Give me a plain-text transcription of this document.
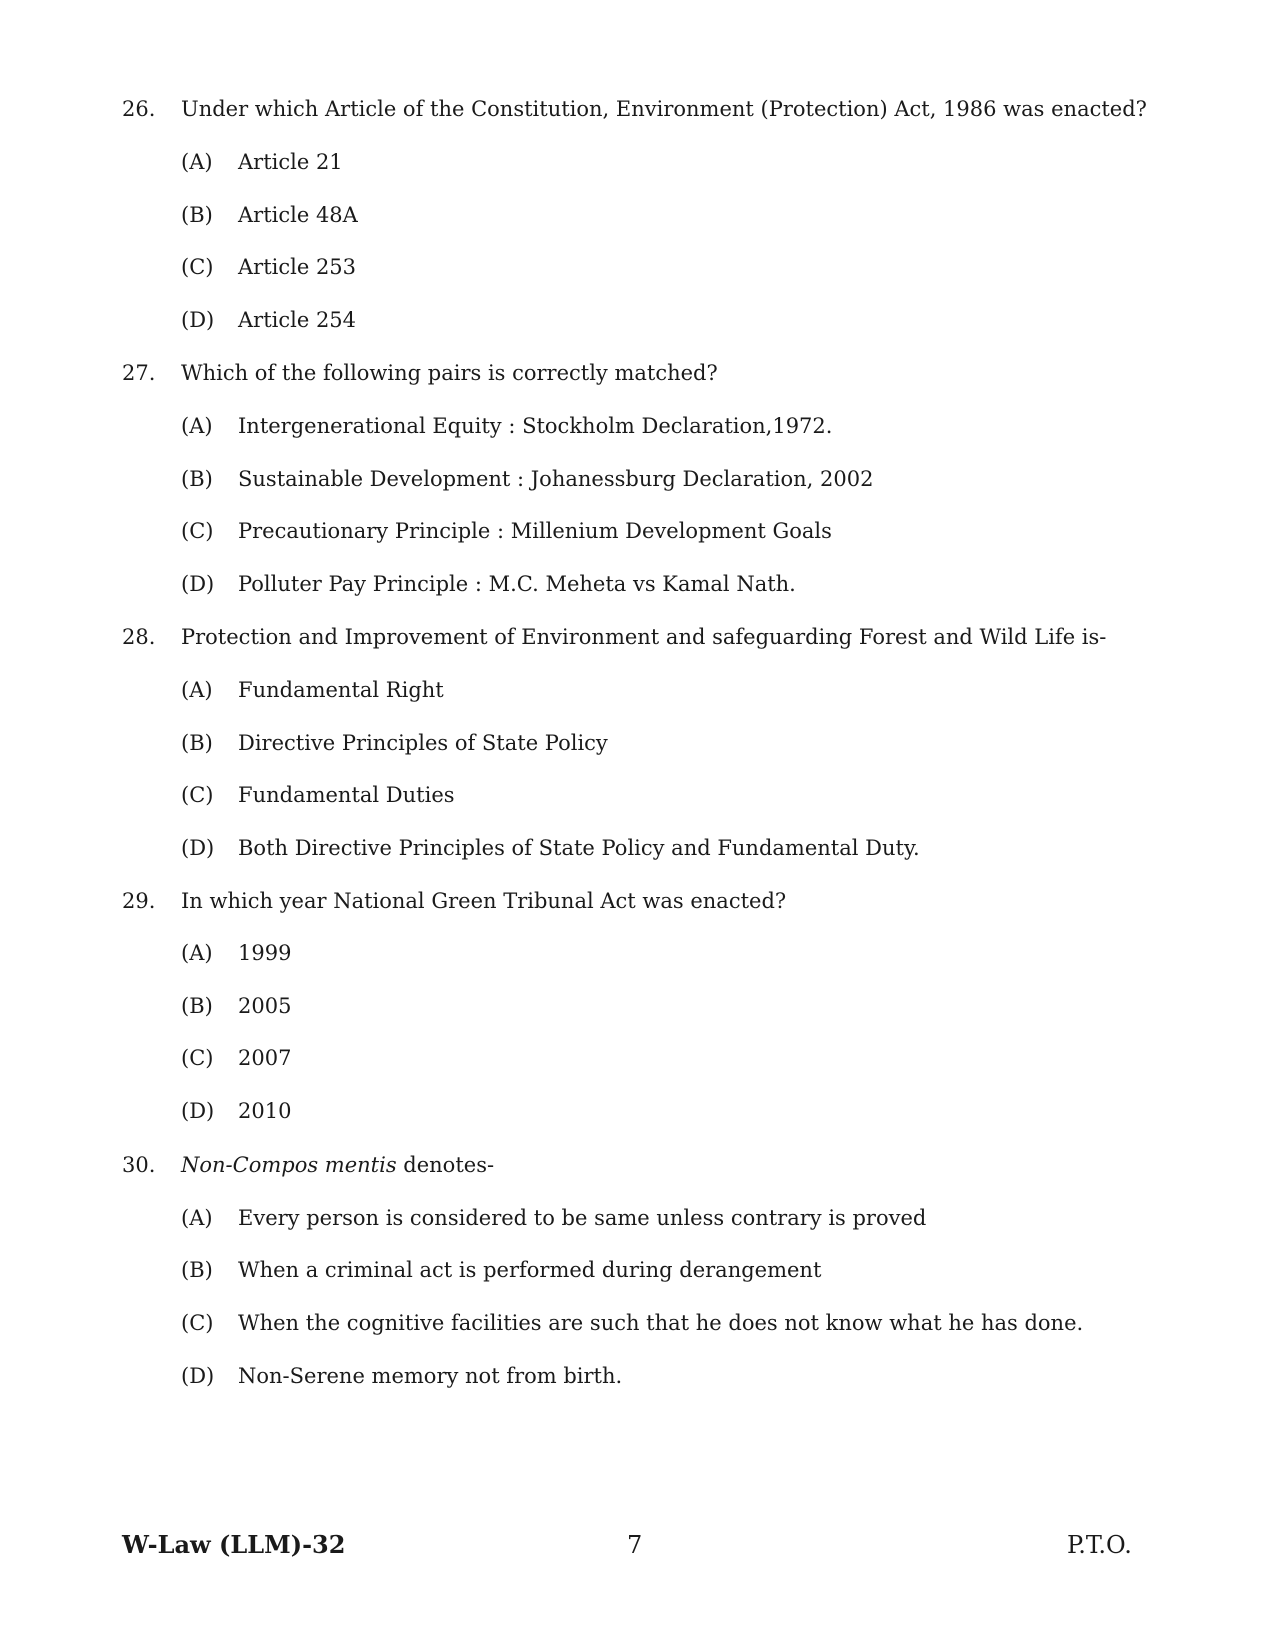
26. Under which Article of the Constitution, Environment (Protection) Act, 1986 was enacted?
(A) Article 21
(B) Article 48A
(C) Article 253
(D) Article 254
27. Which of the following pairs is correctly matched?
(A) Intergenerational Equity : Stockholm Declaration,1972.
(B) Sustainable Development : Johanessburg Declaration, 2002
(C) Precautionary Principle : Millenium Development Goals
(D) Polluter Pay Principle : M.C. Meheta vs Kamal Nath.
28. Protection and Improvement of Environment and safeguarding Forest and Wild Life is-
(A) Fundamental Right
(B) Directive Principles of State Policy
(C) Fundamental Duties
(D) Both Directive Principles of State Policy and Fundamental Duty.
29. In which year National Green Tribunal Act was enacted?
(A) 1999
(B) 2005
(C) 2007
(D) 2010
30. Non-Compos mentis denotes-
(A) Every person is considered to be same unless contrary is proved
(B) When a criminal act is performed during derangement
(C) When the cognitive facilities are such that he does not know what he has done.
(D) Non-Serene memory not from birth.
W-Law (LLM)-32	7	P.T.O.
